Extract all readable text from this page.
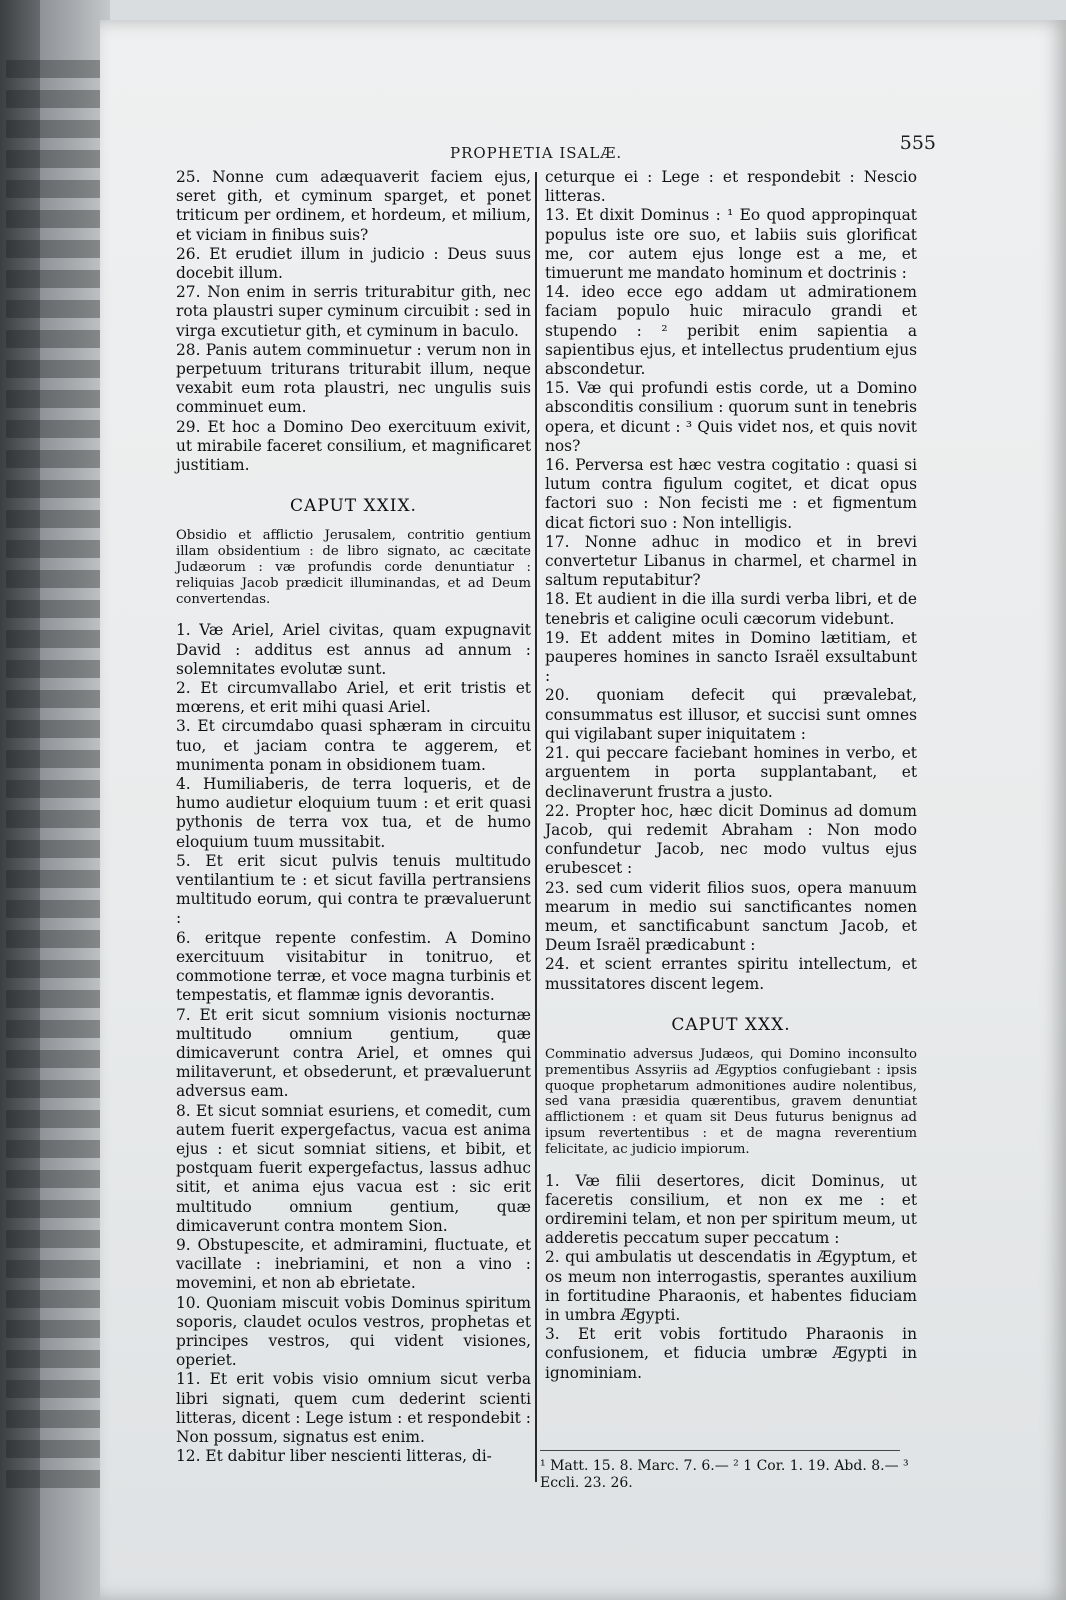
PROPHETIA ISALÆ.	555

25. Nonne cum adæquaverit faciem ejus, seret gith, et cyminum sparget, et ponet triticum per ordinem, et hordeum, et milium, et viciam in finibus suis?

26. Et erudiet illum in judicio : Deus suus docebit illum.

27. Non enim in serris triturabitur gith, nec rota plaustri super cyminum circuibit : sed in virga excutietur gith, et cyminum in baculo.

28. Panis autem comminuetur : verum non in perpetuum triturans triturabit illum, neque vexabit eum rota plaustri, nec ungulis suis comminuet eum.

29. Et hoc a Domino Deo exercituum exivit, ut mirabile faceret consilium, et magnificaret justitiam.

CAPUT XXIX.

Obsidio et afflictio Jerusalem, contritio gentium illam obsidentium : de libro signato, ac cæcitate Judæorum : væ profundis corde denuntiatur : reliquias Jacob prædicit illuminandas, et ad Deum convertendas.

1. Væ Ariel, Ariel civitas, quam expugnavit David : additus est annus ad annum : solemnitates evolutæ sunt.

2. Et circumvallabo Ariel, et erit tristis et mœrens, et erit mihi quasi Ariel.

3. Et circumdabo quasi sphæram in circuitu tuo, et jaciam contra te aggerem, et munimenta ponam in obsidionem tuam.

4. Humiliaberis, de terra loqueris, et de humo audietur eloquium tuum : et erit quasi pythonis de terra vox tua, et de humo eloquium tuum mussitabit.

5. Et erit sicut pulvis tenuis multitudo ventilantium te : et sicut favilla pertransiens multitudo eorum, qui contra te prævaluerunt :

6. eritque repente confestim. A Domino exercituum visitabitur in tonitruo, et commotione terræ, et voce magna turbinis et tempestatis, et flammæ ignis devorantis.

7. Et erit sicut somnium visionis nocturnæ multitudo omnium gentium, quæ dimicaverunt contra Ariel, et omnes qui militaverunt, et obsederunt, et prævaluerunt adversus eam.

8. Et sicut somniat esuriens, et comedit, cum autem fuerit expergefactus, vacua est anima ejus : et sicut somniat sitiens, et bibit, et postquam fuerit expergefactus, lassus adhuc sitit, et anima ejus vacua est : sic erit multitudo omnium gentium, quæ dimicaverunt contra montem Sion.

9. Obstupescite, et admiramini, fluctuate, et vacillate : inebriamini, et non a vino : movemini, et non ab ebrietate.

10. Quoniam miscuit vobis Dominus spiritum soporis, claudet oculos vestros, prophetas et principes vestros, qui vident visiones, operiet.

11. Et erit vobis visio omnium sicut verba libri signati, quem cum dederint scienti litteras, dicent : Lege istum : et respondebit : Non possum, signatus est enim.

12. Et dabitur liber nescienti litteras, di-

ceturque ei : Lege : et respondebit : Nescio litteras.

13. Et dixit Dominus : ¹ Eo quod appropinquat populus iste ore suo, et labiis suis glorificat me, cor autem ejus longe est a me, et timuerunt me mandato hominum et doctrinis :

14. ideo ecce ego addam ut admirationem faciam populo huic miraculo grandi et stupendo : ² peribit enim sapientia a sapientibus ejus, et intellectus prudentium ejus abscondetur.

15. Væ qui profundi estis corde, ut a Domino absconditis consilium : quorum sunt in tenebris opera, et dicunt : ³ Quis videt nos, et quis novit nos?

16. Perversa est hæc vestra cogitatio : quasi si lutum contra figulum cogitet, et dicat opus factori suo : Non fecisti me : et figmentum dicat fictori suo : Non intelligis.

17. Nonne adhuc in modico et in brevi convertetur Libanus in charmel, et charmel in saltum reputabitur?

18. Et audient in die illa surdi verba libri, et de tenebris et caligine oculi cæcorum videbunt.

19. Et addent mites in Domino lætitiam, et pauperes homines in sancto Israël exsultabunt :

20. quoniam defecit qui prævalebat, consummatus est illusor, et succisi sunt omnes qui vigilabant super iniquitatem :

21. qui peccare faciebant homines in verbo, et arguentem in porta supplantabant, et declinaverunt frustra a justo.

22. Propter hoc, hæc dicit Dominus ad domum Jacob, qui redemit Abraham : Non modo confundetur Jacob, nec modo vultus ejus erubescet :

23. sed cum viderit filios suos, opera manuum mearum in medio sui sanctificantes nomen meum, et sanctificabunt sanctum Jacob, et Deum Israël prædicabunt :

24. et scient errantes spiritu intellectum, et mussitatores discent legem.

CAPUT XXX.

Comminatio adversus Judæos, qui Domino inconsulto prementibus Assyriis ad Ægyptios confugiebant : ipsis quoque prophetarum admonitiones audire nolentibus, sed vana præsidia quærentibus, gravem denuntiat afflictionem : et quam sit Deus futurus benignus ad ipsum revertentibus : et de magna reverentium felicitate, ac judicio impiorum.

1. Væ filii desertores, dicit Dominus, ut faceretis consilium, et non ex me : et ordiremini telam, et non per spiritum meum, ut adderetis peccatum super peccatum :

2. qui ambulatis ut descendatis in Ægyptum, et os meum non interrogastis, sperantes auxilium in fortitudine Pharaonis, et habentes fiduciam in umbra Ægypti.

3. Et erit vobis fortitudo Pharaonis in confusionem, et fiducia umbræ Ægypti in ignominiam.

¹ Matt. 15. 8. Marc. 7. 6.— ² 1 Cor. 1. 19. Abd. 8.— ³ Eccli. 23. 26.
